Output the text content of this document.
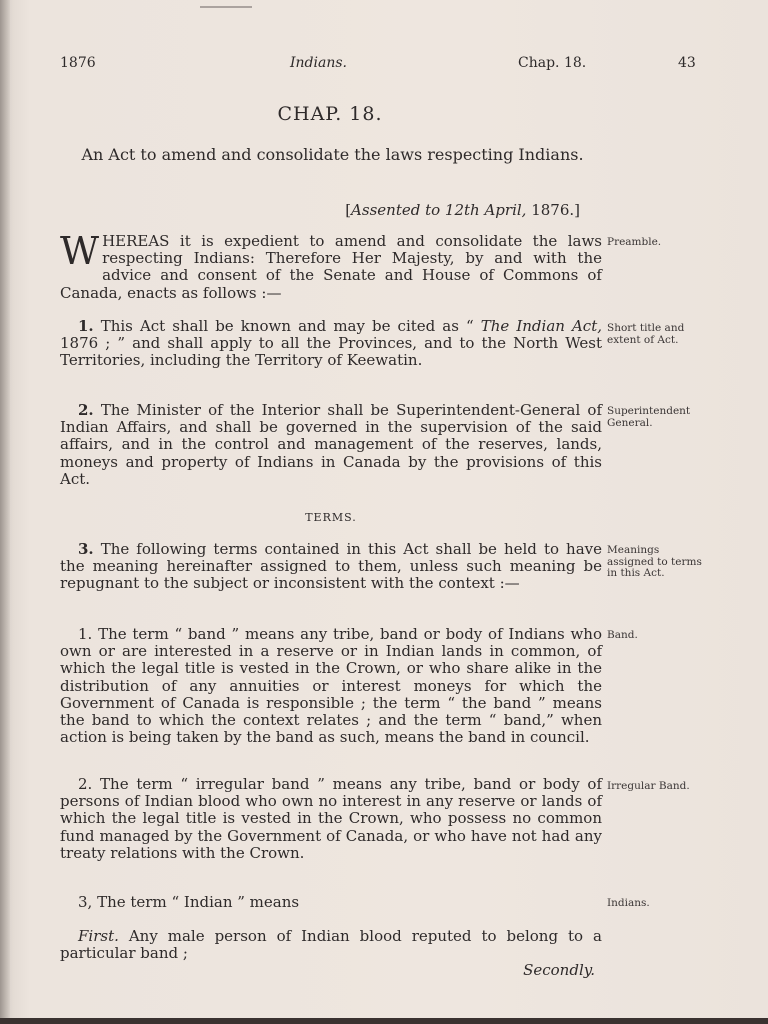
1876	Indians.	Chap. 18.	43
CHAP. 18.
An Act to amend and consolidate the laws respecting Indians.
[Assented to 12th April, 1876.]

WHEREAS it is expedient to amend and consolidate the laws respecting Indians: Therefore Her Majesty, by and with the advice and consent of the Senate and House of Commons of Canada, enacts as follows :—

Preamble.

1. This Act shall be known and may be cited as “ The Indian Act, 1876 ; ” and shall apply to all the Provinces, and to the North West Territories, including the Territory of Keewatin.

Short title and extent of Act.

2. The Minister of the Interior shall be Superintendent-General of Indian Affairs, and shall be governed in the supervision of the said affairs, and in the control and management of the reserves, lands, moneys and property of Indians in Canada by the provisions of this Act.

Superintendent General.
TERMS.

3. The following terms contained in this Act shall be held to have the meaning hereinafter assigned to them, unless such meaning be repugnant to the subject or inconsistent with the context :—

Meanings assigned to terms in this Act.

1. The term “ band ” means any tribe, band or body of Indians who own or are interested in a reserve or in Indian lands in common, of which the legal title is vested in the Crown, or who share alike in the distribution of any annuities or interest moneys for which the Government of Canada is responsible ; the term “ the band ” means the band to which the context relates ; and the term “ band,” when action is being taken by the band as such, means the band in council.

Band.

2. The term “ irregular band ” means any tribe, band or body of persons of Indian blood who own no interest in any reserve or lands of which the legal title is vested in the Crown, who possess no common fund managed by the Government of Canada, or who have not had any treaty relations with the Crown.

Irregular Band.

3, The term “ Indian ” means	Indians.

First. Any male person of Indian blood reputed to belong to a particular band ;

Secondly.
